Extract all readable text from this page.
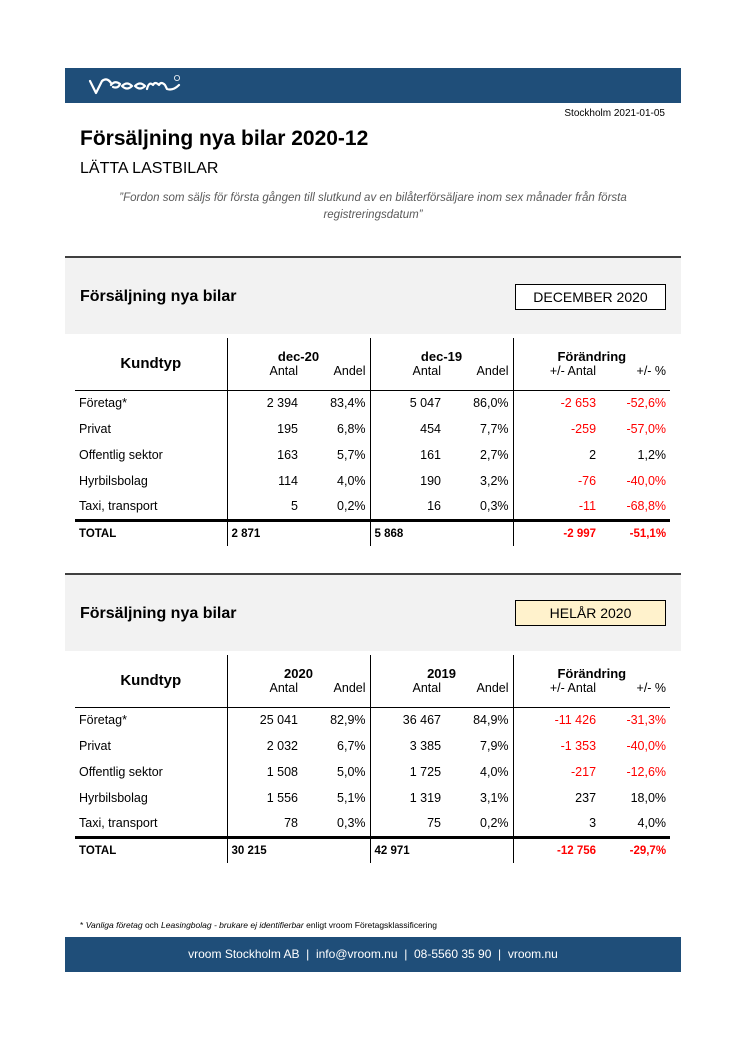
Stockholm 2021-01-05
Försäljning nya bilar 2020-12
LÄTTA LASTBILAR
”Fordon som säljs för första gången till slutkund av en bilåterförsäljare inom sex månader från första registreringsdatum”
Försäljning nya bilar	DECEMBER 2020
Kundtyp	dec-20		dec-19		Förändring	
	Antal	Andel	Antal	Andel	+/- Antal	+/- %
Företag*	2 394	83,4%	5 047	86,0%	-2 653	-52,6%
Privat	195	6,8%	454	7,7%	-259	-57,0%
Offentlig sektor	163	5,7%	161	2,7%	2	1,2%
Hyrbilsbolag	114	4,0%	190	3,2%	-76	-40,0%
Taxi, transport	5	0,2%	16	0,3%	-11	-68,8%
TOTAL	2 871		5 868		-2 997	-51,1%
Försäljning nya bilar	HELÅR 2020
Kundtyp	2020		2019		Förändring	
	Antal	Andel	Antal	Andel	+/- Antal	+/- %
Företag*	25 041	82,9%	36 467	84,9%	-11 426	-31,3%
Privat	2 032	6,7%	3 385	7,9%	-1 353	-40,0%
Offentlig sektor	1 508	5,0%	1 725	4,0%	-217	-12,6%
Hyrbilsbolag	1 556	5,1%	1 319	3,1%	237	18,0%
Taxi, transport	78	0,3%	75	0,2%	3	4,0%
TOTAL	30 215		42 971		-12 756	-29,7%
* Vanliga företag och Leasingbolag - brukare ej identifierbar enligt vroom Företagsklassificering
vroom Stockholm AB  |  info@vroom.nu  |  08-5560 35 90  |  vroom.nu
